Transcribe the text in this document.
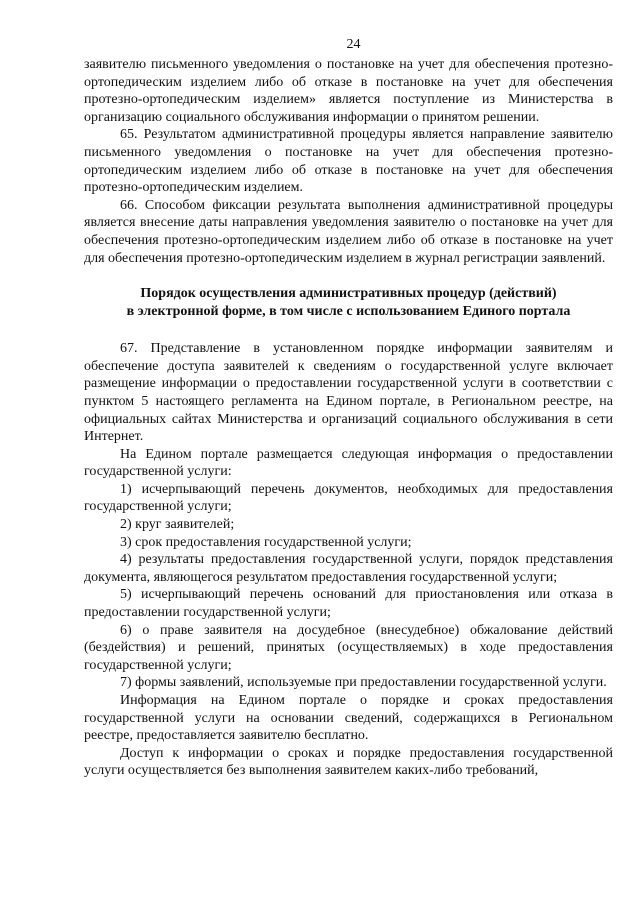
24

заявителю письменного уведомления о постановке на учет для обеспечения протезно-ортопедическим изделием либо об отказе в постановке на учет для обеспечения протезно-ортопедическим изделием» является поступление из Министерства в организацию социального обслуживания информации о принятом решении.

65. Результатом административной процедуры является направление заявителю письменного уведомления о постановке на учет для обеспечения протезно-ортопедическим изделием либо об отказе в постановке на учет для обеспечения протезно-ортопедическим изделием.

66. Способом фиксации результата выполнения административной процедуры является внесение даты направления уведомления заявителю о постановке на учет для обеспечения протезно-ортопедическим изделием либо об отказе в постановке на учет для обеспечения протезно-ортопедическим изделием в журнал регистрации заявлений.

Порядок осуществления административных процедур (действий)
в электронной форме, в том числе с использованием Единого портала

67. Представление в установленном порядке информации заявителям и обеспечение доступа заявителей к сведениям о государственной услуге включает размещение информации о предоставлении государственной услуги в соответствии с пунктом 5 настоящего регламента на Едином портале, в Региональном реестре, на официальных сайтах Министерства и организаций социального обслуживания в сети Интернет.

На Едином портале размещается следующая информация о предоставлении государственной услуги:

1) исчерпывающий перечень документов, необходимых для предоставления государственной услуги;

2) круг заявителей;

3) срок предоставления государственной услуги;

4) результаты предоставления государственной услуги, порядок представления документа, являющегося результатом предоставления государственной услуги;

5) исчерпывающий перечень оснований для приостановления или отказа в предоставлении государственной услуги;

6) о праве заявителя на досудебное (внесудебное) обжалование действий (бездействия) и решений, принятых (осуществляемых) в ходе предоставления государственной услуги;

7) формы заявлений, используемые при предоставлении государственной услуги.

Информация на Едином портале о порядке и сроках предоставления государственной услуги на основании сведений, содержащихся в Региональном реестре, предоставляется заявителю бесплатно.

Доступ к информации о сроках и порядке предоставления государственной услуги осуществляется без выполнения заявителем каких-либо требований,
